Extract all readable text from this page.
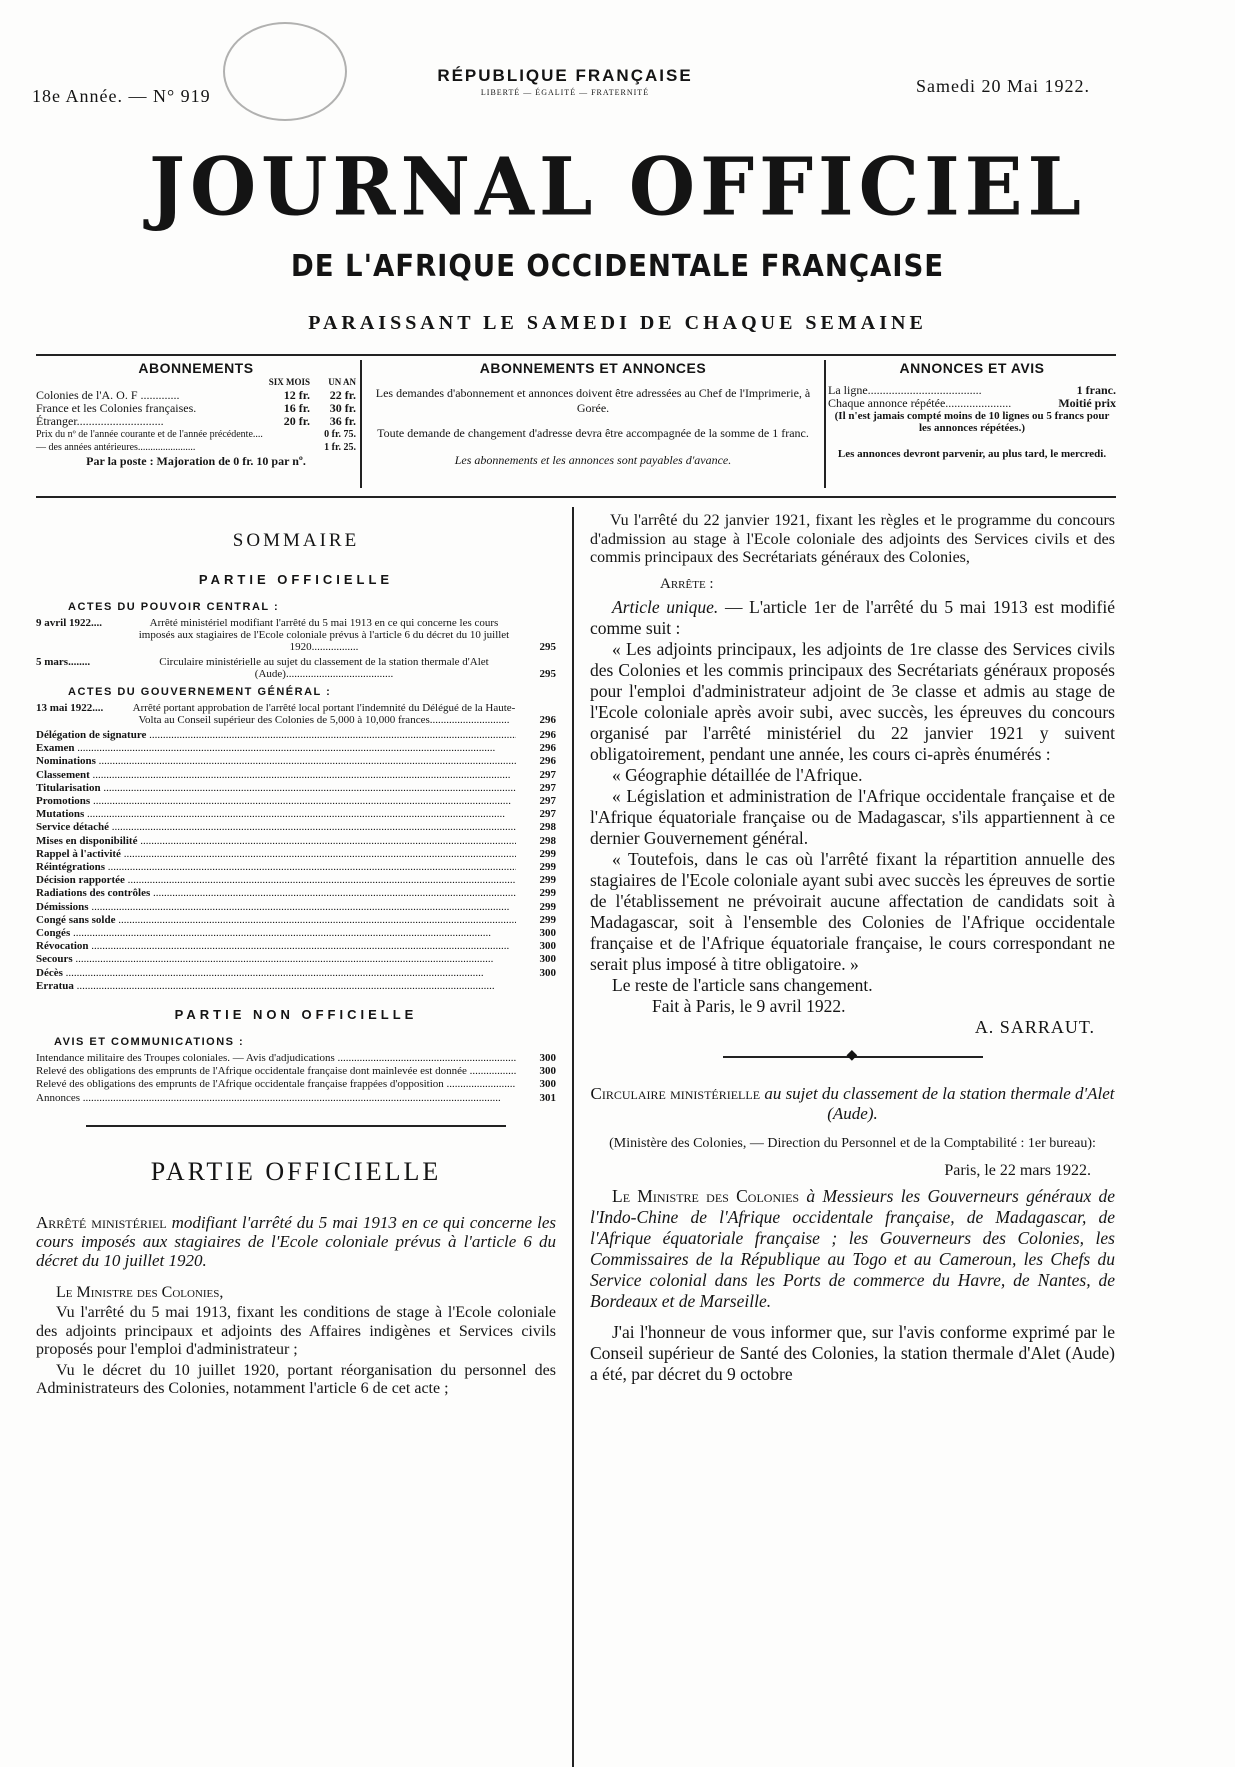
18e Année. — N° 919
RÉPUBLIQUE FRANÇAISE
LIBERTÉ — ÉGALITÉ — FRATERNITÉ	Samedi 20 Mai 1922.
JOURNAL OFFICIEL
DE L'AFRIQUE OCCIDENTALE FRANÇAISE
PARAISSANT LE SAMEDI DE CHAQUE SEMAINE
ABONNEMENTS
SIX MOIS	UN AN
Colonies de l'A. O. F .............	12 fr.	22 fr.
France et les Colonies françaises.	16 fr.	30 fr.
Étranger.............................	20 fr.	36 fr.
Prix du nº de l'année courante et de l'année précédente....	0 fr. 75.
— des années antérieures.......................	1 fr. 25.
Par la poste : Majoration de 0 fr. 10 par nº.
ABONNEMENTS ET ANNONCES
Les demandes d'abonnement et annonces doivent être adressées au Chef de l'Imprimerie, à Gorée.
Toute demande de changement d'adresse devra être accompagnée de la somme de 1 franc.
Les abonnements et les annonces sont payables d'avance.
ANNONCES ET AVIS
La ligne......................................	1 franc.
Chaque annonce répétée......................	Moitié prix
(Il n'est jamais compté moins de 10 lignes ou 5 francs pour les annonces répétées.)
Les annonces devront parvenir, au plus tard, le mercredi.
SOMMAIRE
PARTIE OFFICIELLE
ACTES DU POUVOIR CENTRAL :
9 avril 1922....	Arrêté ministériel modifiant l'arrêté du 5 mai 1913 en ce qui concerne les cours imposés aux stagiaires de l'Ecole coloniale prévus à l'article 6 du décret du 10 juillet 1920.................	295
5 mars........	Circulaire ministérielle au sujet du classement de la station thermale d'Alet (Aude).......................................	295
ACTES DU GOUVERNEMENT GÉNÉRAL :
13 mai 1922....	Arrêté portant approbation de l'arrêté local portant l'indemnité du Délégué de la Haute-Volta au Conseil supérieur des Colonies de 5,000 à 10,000 frances.............................	296
Délégation de signature .....	296
Examen .....	296
Nominations .....	296
Classement .....	297
Titularisation .....	297
Promotions .....	297
Mutations .....	297
Service détaché .....	298
Mises en disponibilité .....	298
Rappel à l'activité .....	299
Réintégrations .....	299
Décision rapportée .....	299
Radiations des contrôles .....	299
Démissions .....	299
Congé sans solde .....	299
Congés .....	300
Révocation .....	300
Secours .....	300
Décès .....	300
Erratua .....
PARTIE NON OFFICIELLE
AVIS ET COMMUNICATIONS :
Intendance militaire des Troupes coloniales. — Avis d'adjudications .....	300
Relevé des obligations des emprunts de l'Afrique occidentale française dont mainlevée est donnée .....	300
Relevé des obligations des emprunts de l'Afrique occidentale française frappées d'opposition .....	300
Annonces .....	301
PARTIE OFFICIELLE
Arrêté ministériel modifiant l'arrêté du 5 mai 1913 en ce qui concerne les cours imposés aux stagiaires de l'Ecole coloniale prévus à l'article 6 du décret du 10 juillet 1920.

Le Ministre des Colonies,

Vu l'arrêté du 5 mai 1913, fixant les conditions de stage à l'Ecole coloniale des adjoints principaux et adjoints des Affaires indigènes et Services civils proposés pour l'emploi d'administrateur ;

Vu le décret du 10 juillet 1920, portant réorganisation du personnel des Administrateurs des Colonies, notamment l'article 6 de cet acte ;

Vu l'arrêté du 22 janvier 1921, fixant les règles et le programme du concours d'admission au stage à l'Ecole coloniale des adjoints des Services civils et des commis principaux des Secrétariats généraux des Colonies,

Arrête :

Article unique. — L'article 1er de l'arrêté du 5 mai 1913 est modifié comme suit :

« Les adjoints principaux, les adjoints de 1re classe des Services civils des Colonies et les commis principaux des Secrétariats généraux proposés pour l'emploi d'administrateur adjoint de 3e classe et admis au stage de l'Ecole coloniale après avoir subi, avec succès, les épreuves du concours organisé par l'arrêté ministériel du 22 janvier 1921 y suivent obligatoirement, pendant une année, les cours ci-après énumérés :

« Géographie détaillée de l'Afrique.

« Législation et administration de l'Afrique occidentale française et de l'Afrique équatoriale française ou de Madagascar, s'ils appartiennent à ce dernier Gouvernement général.

« Toutefois, dans le cas où l'arrêté fixant la répartition annuelle des stagiaires de l'Ecole coloniale ayant subi avec succès les épreuves de sortie de l'établissement ne prévoirait aucune affectation de candidats soit à Madagascar, soit à l'ensemble des Colonies de l'Afrique occidentale française et de l'Afrique équatoriale française, le cours correspondant ne serait plus imposé à titre obligatoire. »

Le reste de l'article sans changement.

Fait à Paris, le 9 avril 1922.

A. SARRAUT.
◆
Circulaire ministérielle au sujet du classement de la station thermale d'Alet (Aude).
(Ministère des Colonies, — Direction du Personnel et de la Comptabilité : 1er bureau):
Paris, le 22 mars 1922.

Le Ministre des Colonies à Messieurs les Gouverneurs généraux de l'Indo-Chine de l'Afrique occidentale française, de Madagascar, de l'Afrique équatoriale française ; les Gouverneurs des Colonies, les Commissaires de la République au Togo et au Cameroun, les Chefs du Service colonial dans les Ports de commerce du Havre, de Nantes, de Bordeaux et de Marseille.

J'ai l'honneur de vous informer que, sur l'avis conforme exprimé par le Conseil supérieur de Santé des Colonies, la station thermale d'Alet (Aude) a été, par décret du 9 octobre
